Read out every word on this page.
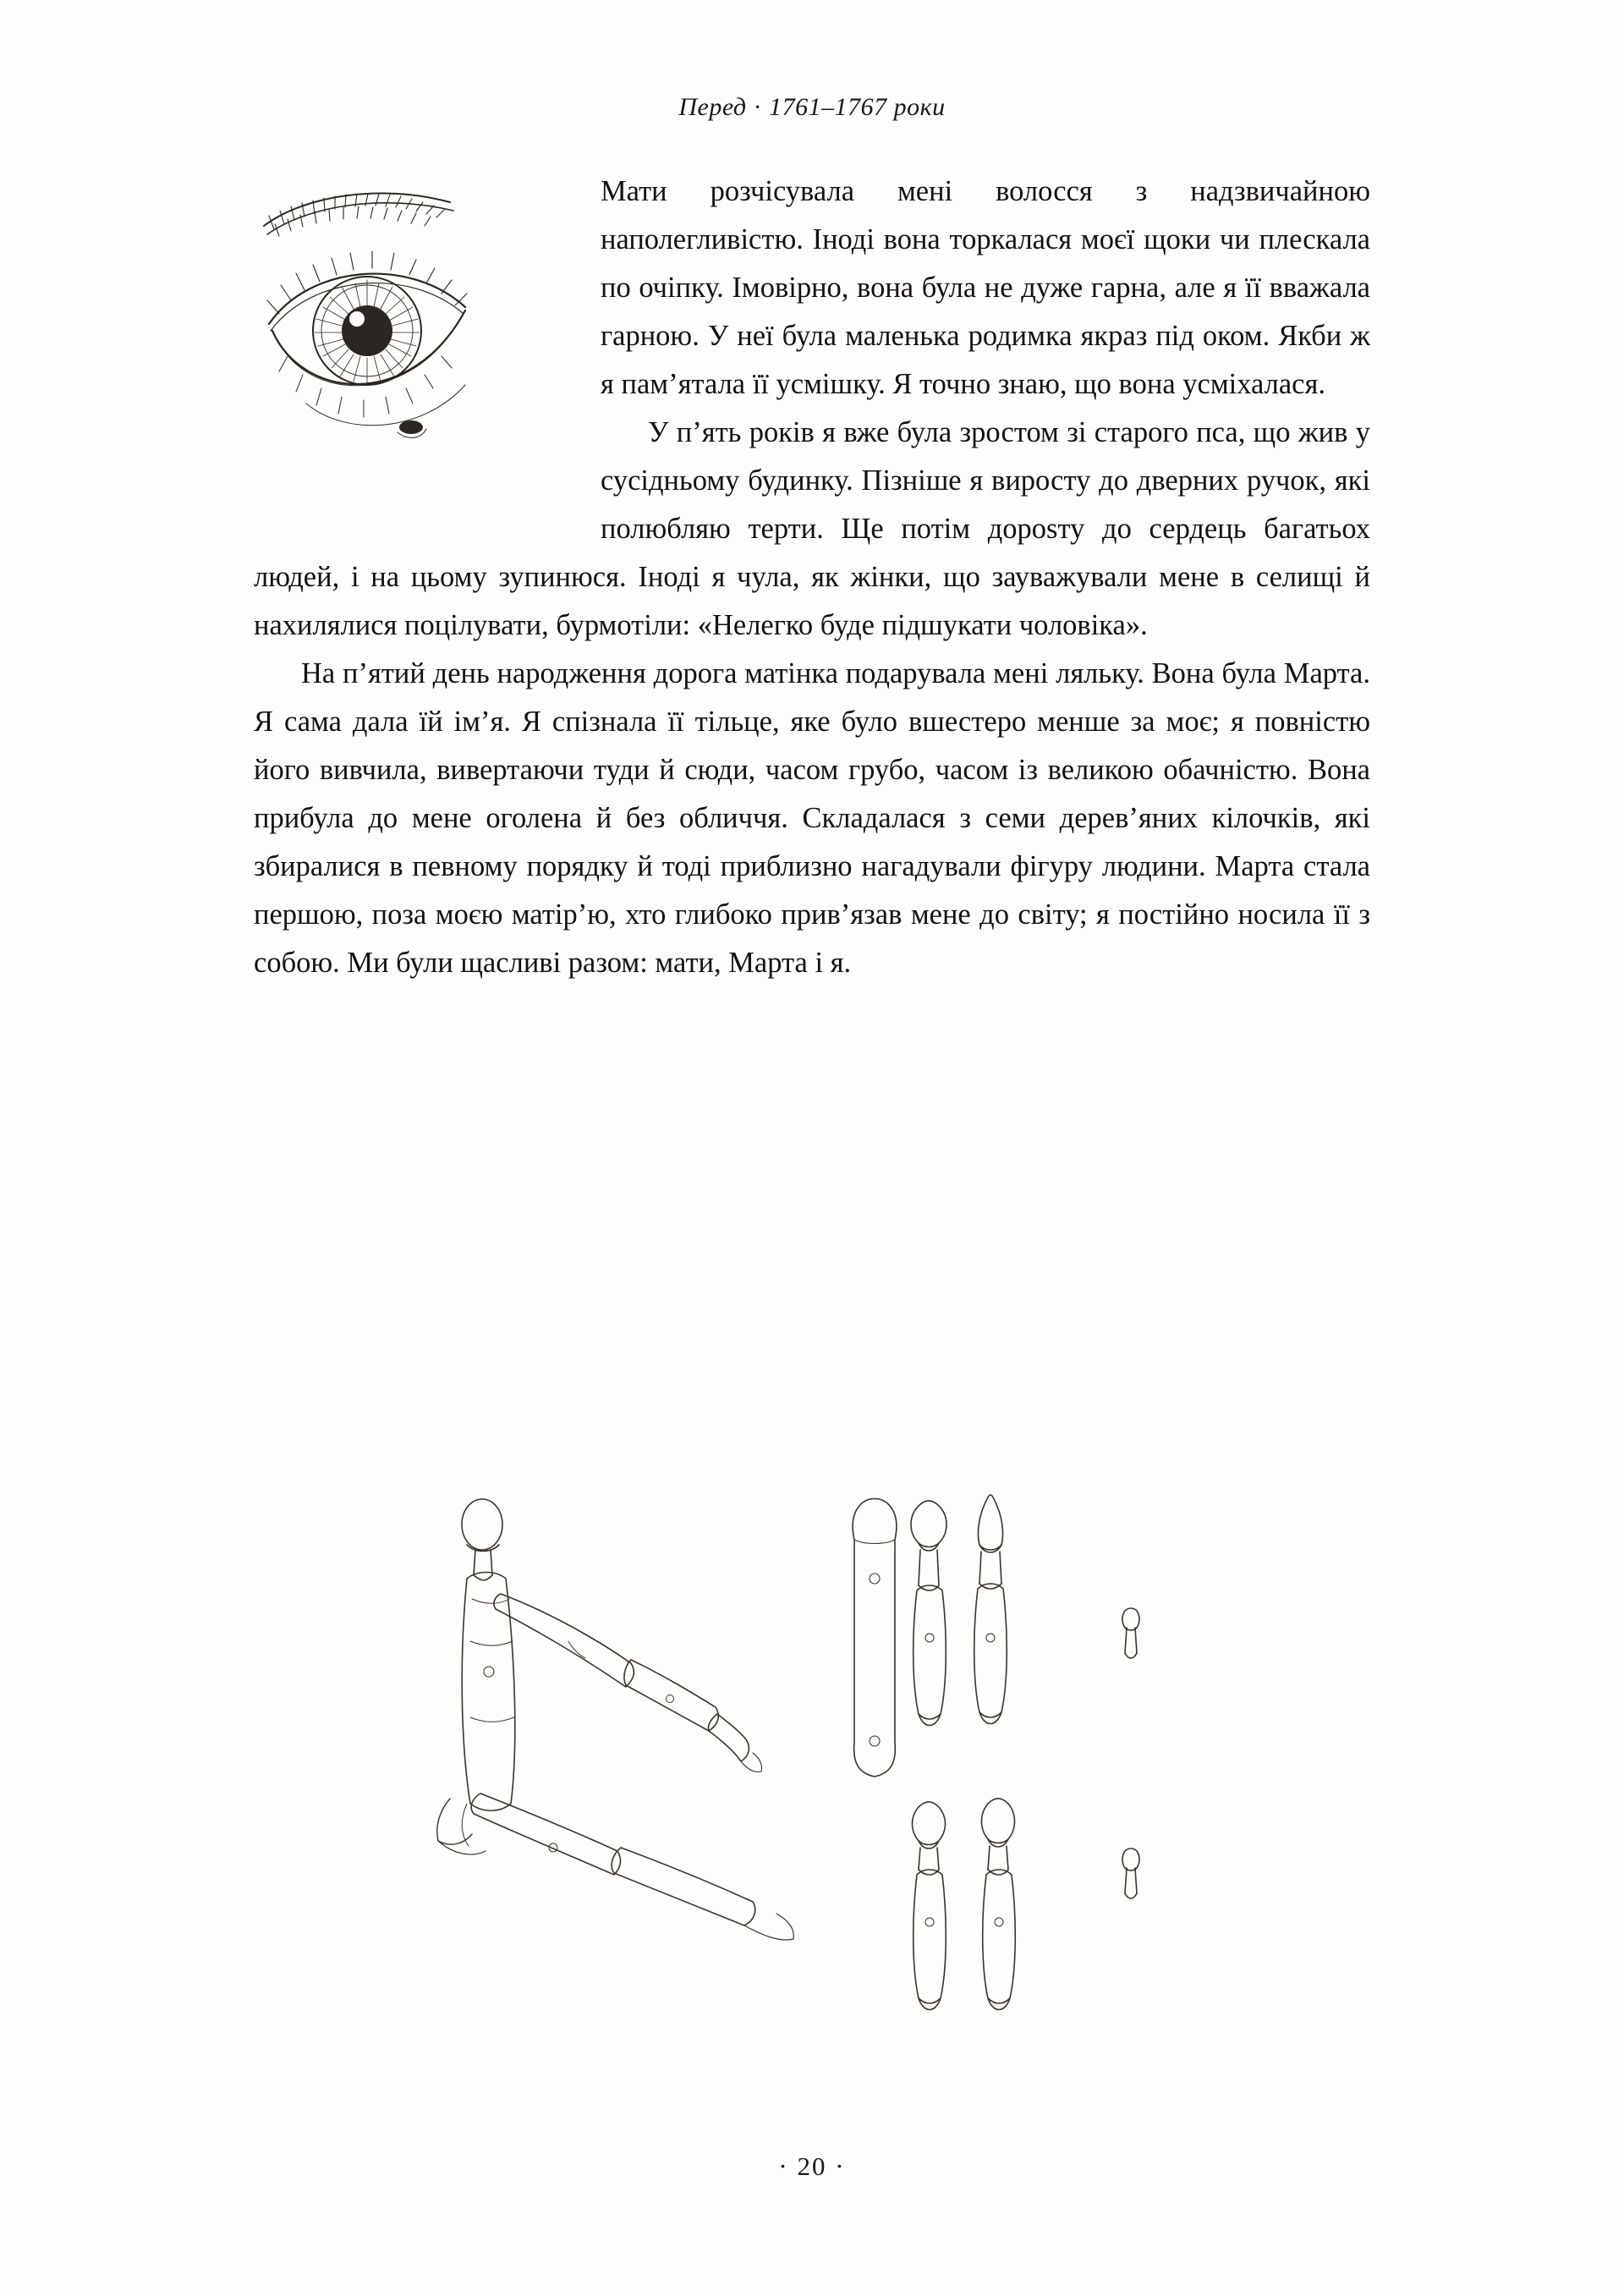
Перед · 1761–1767 роки

Мати розчісувала мені волосся з надзвичайною наполегливістю. Іноді вона торкалася моєї щоки чи плескала по очіпку. Імовірно, вона була не дуже гарна, але я її вважала гарною. У неї була маленька родимка якраз під оком. Якби ж я пам’ятала її усмішку. Я точно знаю, що вона усміхалася.

У п’ять років я вже була зростом зі старого пса, що жив у сусідньому будинку. Пізніше я виросту до дверних ручок, які полюбляю терти. Ще потім дорosту до сердець багатьох людей, і на цьому зупинюся. Іноді я чула, як жінки, що зауважували мене в селищі й нахилялися поцілувати, бурмотіли: «Нелегко буде підшукати чоловіка».

На п’ятий день народження дорога матінка подарувала мені ляльку. Вона була Марта. Я сама дала їй ім’я. Я спізнала її тільце, яке було вшестеро менше за моє; я повністю його вивчила, вивертаючи туди й сюди, часом грубо, часом із великою обачністю. Вона прибула до мене оголена й без обличчя. Складалася з семи дерев’яних кілочків, які збиралися в певному порядку й тоді приблизно нагадували фігуру людини. Марта стала першою, поза моєю матір’ю, хто глибоко прив’язав мене до світу; я постійно носила її з собою. Ми були щасливі разом: мати, Марта і я.

· 20 ·
